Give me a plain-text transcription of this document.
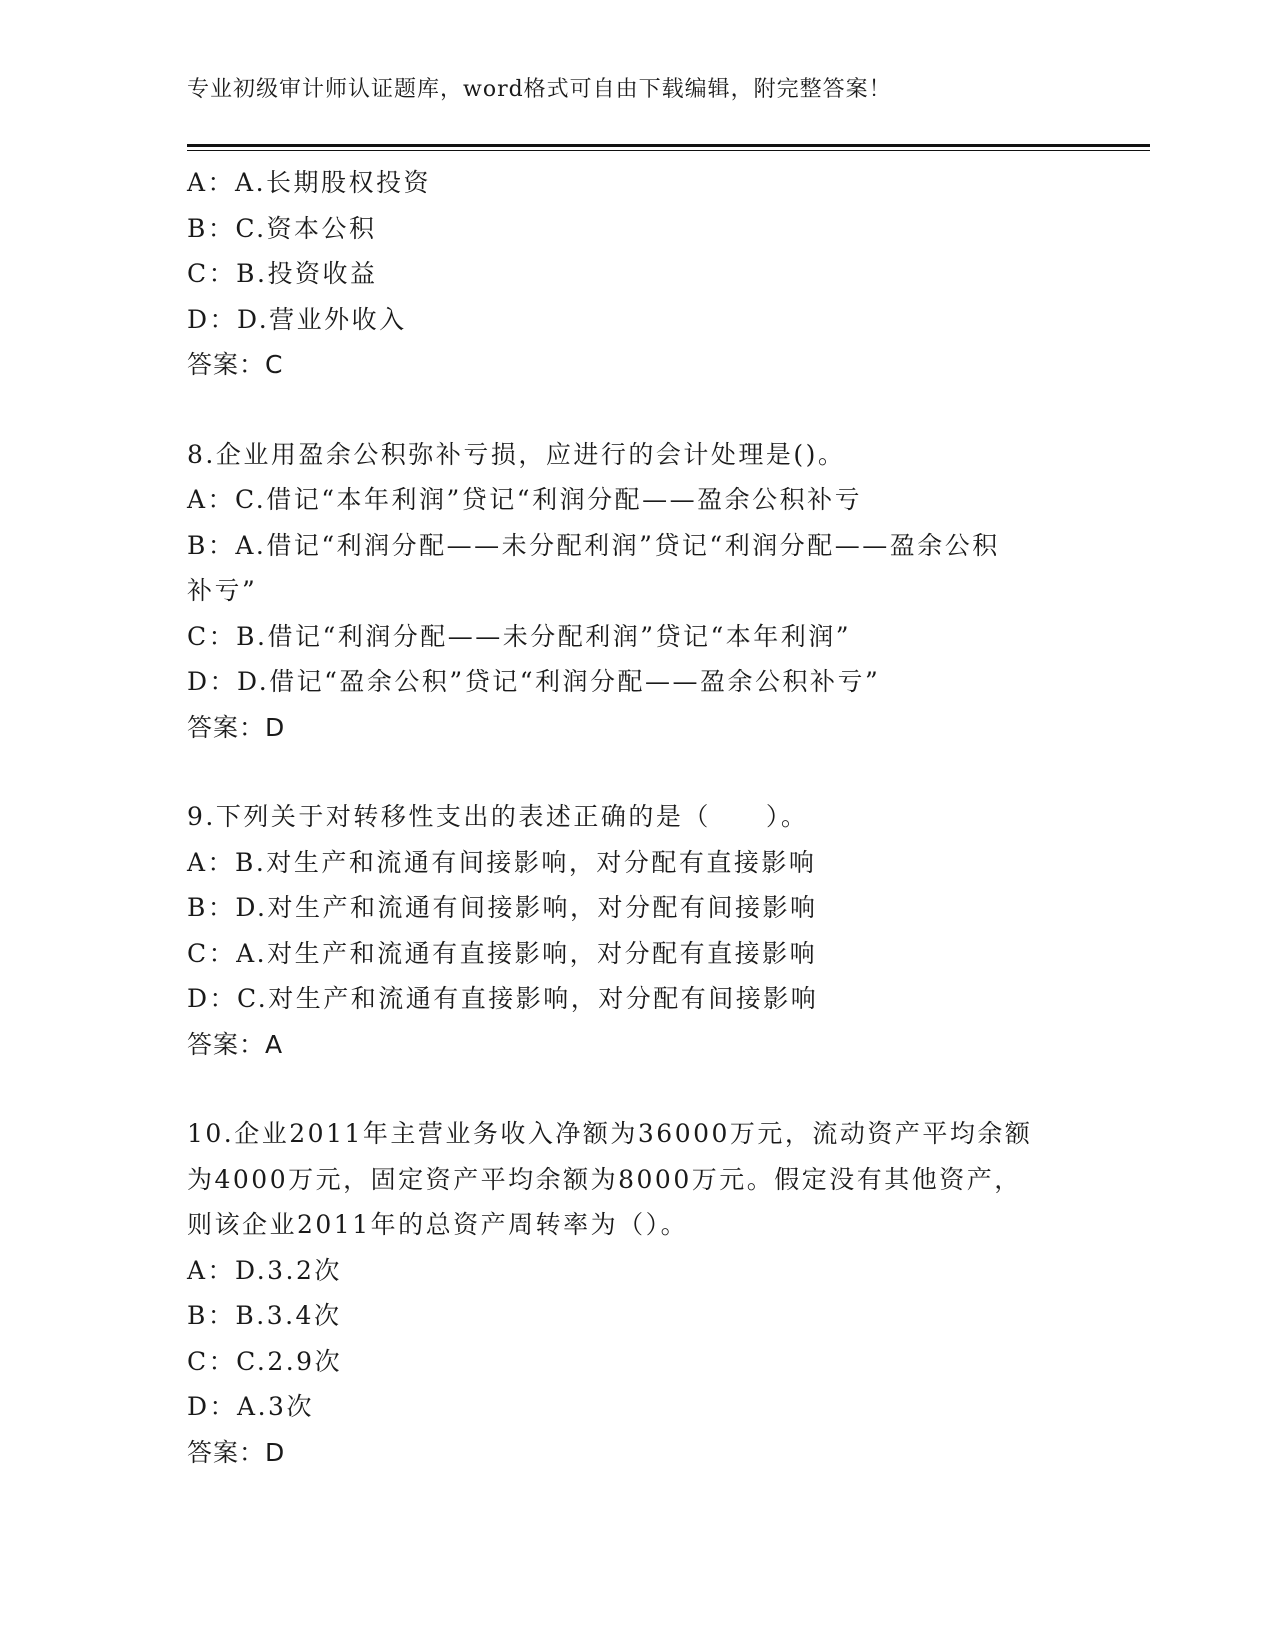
专业初级审计师认证题库，word格式可自由下载编辑，附完整答案！
A：A.长期股权投资
B：C.资本公积
C：B.投资收益
D：D.营业外收入
答案：C
8.企业用盈余公积弥补亏损，应进行的会计处理是()。
A：C.借记“本年利润”贷记“利润分配——盈余公积补亏
B：A.借记“利润分配——未分配利润”贷记“利润分配——盈余公积
补亏”
C：B.借记“利润分配——未分配利润”贷记“本年利润”
D：D.借记“盈余公积”贷记“利润分配——盈余公积补亏”
答案：D
9.下列关于对转移性支出的表述正确的是（　　）。
A：B.对生产和流通有间接影响，对分配有直接影响
B：D.对生产和流通有间接影响，对分配有间接影响
C：A.对生产和流通有直接影响，对分配有直接影响
D：C.对生产和流通有直接影响，对分配有间接影响
答案：A
10.企业2011年主营业务收入净额为36000万元，流动资产平均余额
为4000万元，固定资产平均余额为8000万元。假定没有其他资产，
则该企业2011年的总资产周转率为（）。
A：D.3.2次
B：B.3.4次
C：C.2.9次
D：A.3次
答案：D
